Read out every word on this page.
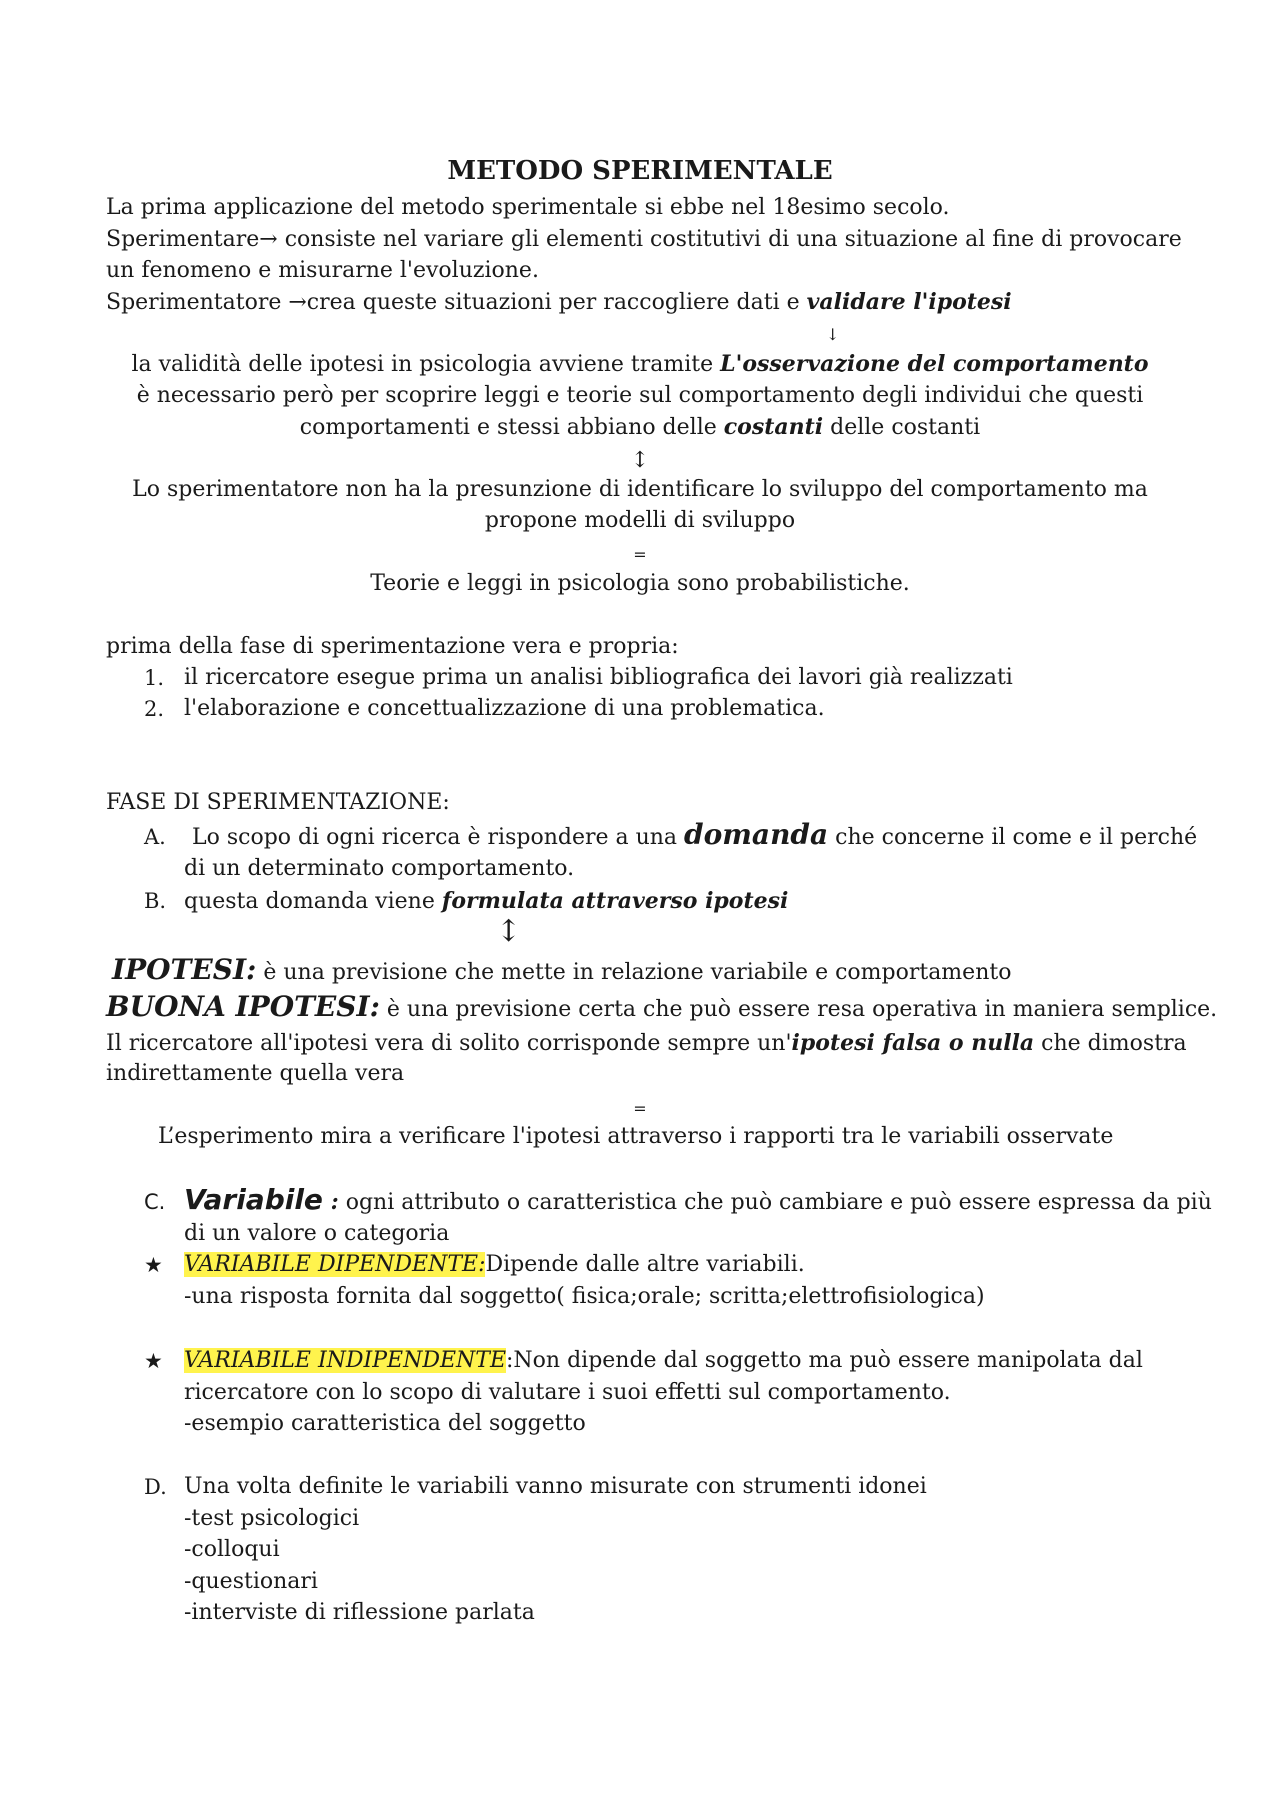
METODO SPERIMENTALE
La prima applicazione del metodo sperimentale si ebbe nel 18esimo secolo.
Sperimentare→ consiste nel variare gli elementi costitutivi di una situazione al fine di provocare
un fenomeno e misurarne l'evoluzione.
Sperimentatore →crea queste situazioni per raccogliere dati e validare l'ipotesi
↓
la validità delle ipotesi in psicologia avviene tramite L'osservazione del comportamento
è necessario però per scoprire leggi e teorie sul comportamento degli individui che questi
comportamenti e stessi abbiano delle costanti delle costanti
↕
Lo sperimentatore non ha la presunzione di identificare lo sviluppo del comportamento ma
propone modelli di sviluppo
=
Teorie e leggi in psicologia sono probabilistiche.
prima della fase di sperimentazione vera e propria:
1. il ricercatore esegue prima un analisi bibliografica dei lavori già realizzati
2. l'elaborazione e concettualizzazione di una problematica.
FASE DI SPERIMENTAZIONE:
A. Lo scopo di ogni ricerca è rispondere a una domanda che concerne il come e il perché
di un determinato comportamento.
B. questa domanda viene formulata attraverso ipotesi
↕
IPOTESI: è una previsione che mette in relazione variabile e comportamento
BUONA IPOTESI: è una previsione certa che può essere resa operativa in maniera semplice.
Il ricercatore all'ipotesi vera di solito corrisponde sempre un'ipotesi falsa o nulla che dimostra
indirettamente quella vera
=
L’esperimento mira a verificare l'ipotesi attraverso i rapporti tra le variabili osservate
C. Variabile : ogni attributo o caratteristica che può cambiare e può essere espressa da più
di un valore o categoria
★ VARIABILE DIPENDENTE:Dipende dalle altre variabili.
-una risposta fornita dal soggetto( fisica;orale; scritta;elettrofisiologica)
★ VARIABILE INDIPENDENTE:Non dipende dal soggetto ma può essere manipolata dal
ricercatore con lo scopo di valutare i suoi effetti sul comportamento.
-esempio caratteristica del soggetto
D. Una volta definite le variabili vanno misurate con strumenti idonei
-test psicologici
-colloqui
-questionari
-interviste di riflessione parlata
